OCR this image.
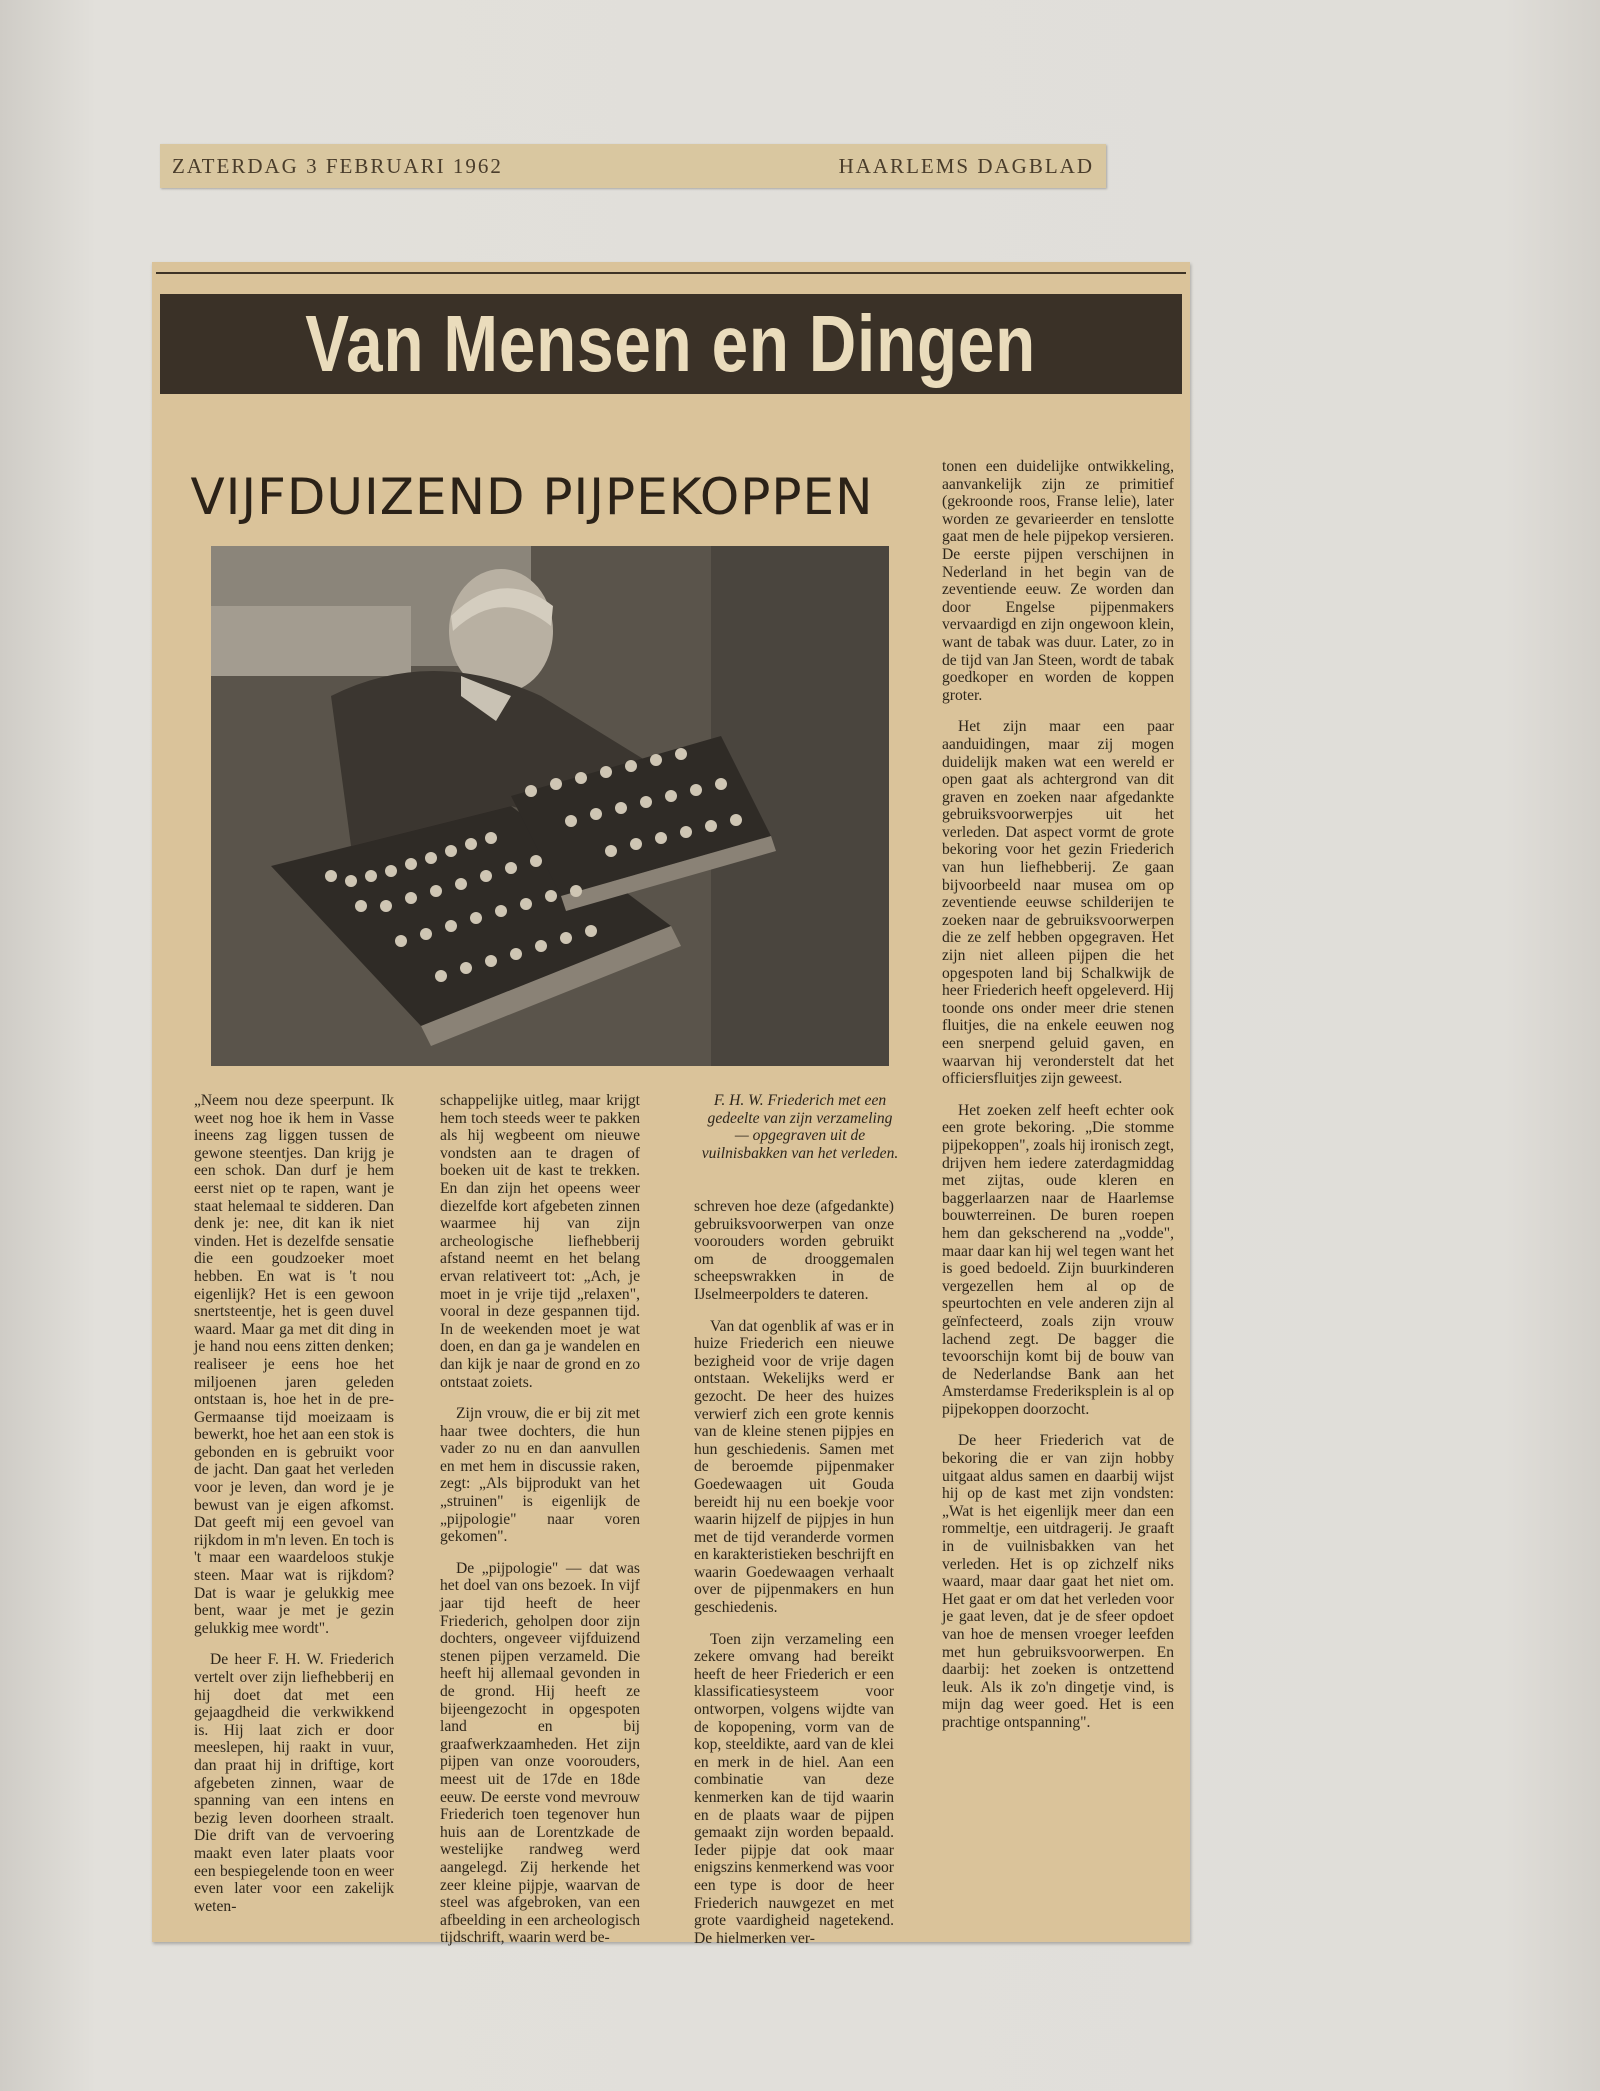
ZATERDAG 3 FEBRUARI 1962	HAARLEMS DAGBLAD
Van Mensen en Dingen
VIJFDUIZEND PIJPEKOPPEN
F. H. W. Friederich met een gedeelte van zijn verzameling — opgegraven uit de vuilnisbakken van het verleden.

„Neem nou deze speerpunt. Ik weet nog hoe ik hem in Vasse ineens zag liggen tussen de gewone steentjes. Dan krijg je een schok. Dan durf je hem eerst niet op te rapen, want je staat helemaal te sidderen. Dan denk je: nee, dit kan ik niet vinden. Het is dezelfde sensatie die een goudzoeker moet hebben. En wat is 't nou eigenlijk? Het is een gewoon snertsteentje, het is geen duvel waard. Maar ga met dit ding in je hand nou eens zitten denken; realiseer je eens hoe het miljoenen jaren geleden ontstaan is, hoe het in de pre-Germaanse tijd moeizaam is bewerkt, hoe het aan een stok is gebonden en is gebruikt voor de jacht. Dan gaat het verleden voor je leven, dan word je je bewust van je eigen afkomst. Dat geeft mij een gevoel van rijkdom in m'n leven. En toch is 't maar een waardeloos stukje steen. Maar wat is rijkdom? Dat is waar je gelukkig mee bent, waar je met je gezin gelukkig mee wordt".

De heer F. H. W. Friederich vertelt over zijn liefhebberij en hij doet dat met een gejaagdheid die verkwikkend is. Hij laat zich er door meeslepen, hij raakt in vuur, dan praat hij in driftige, kort afgebeten zinnen, waar de spanning van een intens en bezig leven doorheen straalt. Die drift van de vervoering maakt even later plaats voor een bespiegelende toon en weer even later voor een zakelijk weten-

schappelijke uitleg, maar krijgt hem toch steeds weer te pakken als hij wegbeent om nieuwe vondsten aan te dragen of boeken uit de kast te trekken. En dan zijn het opeens weer diezelfde kort afgebeten zinnen waarmee hij van zijn archeologische liefhebberij afstand neemt en het belang ervan relativeert tot: „Ach, je moet in je vrije tijd „relaxen", vooral in deze gespannen tijd. In de weekenden moet je wat doen, en dan ga je wandelen en dan kijk je naar de grond en zo ontstaat zoiets.

Zijn vrouw, die er bij zit met haar twee dochters, die hun vader zo nu en dan aanvullen en met hem in discussie raken, zegt: „Als bijprodukt van het „struinen" is eigenlijk de „pijpologie" naar voren gekomen".

De „pijpologie" — dat was het doel van ons bezoek. In vijf jaar tijd heeft de heer Friederich, geholpen door zijn dochters, ongeveer vijfduizend stenen pijpen verzameld. Die heeft hij allemaal gevonden in de grond. Hij heeft ze bijeengezocht in opgespoten land en bij graafwerkzaamheden. Het zijn pijpen van onze voorouders, meest uit de 17de en 18de eeuw. De eerste vond mevrouw Friederich toen tegenover hun huis aan de Lorentzkade de westelijke randweg werd aangelegd. Zij herkende het zeer kleine pijpje, waarvan de steel was afgebroken, van een afbeelding in een archeologisch tijdschrift, waarin werd be-

schreven hoe deze (afgedankte) gebruiksvoorwerpen van onze voorouders worden gebruikt om de drooggemalen scheepswrakken in de IJselmeerpolders te dateren.

Van dat ogenblik af was er in huize Friederich een nieuwe bezigheid voor de vrije dagen ontstaan. Wekelijks werd er gezocht. De heer des huizes verwierf zich een grote kennis van de kleine stenen pijpjes en hun geschiedenis. Samen met de beroemde pijpenmaker Goedewaagen uit Gouda bereidt hij nu een boekje voor waarin hijzelf de pijpjes in hun met de tijd veranderde vormen en karakteristieken beschrijft en waarin Goedewaagen verhaalt over de pijpenmakers en hun geschiedenis.

Toen zijn verzameling een zekere omvang had bereikt heeft de heer Friederich er een klassificatiesysteem voor ontworpen, volgens wijdte van de kopopening, vorm van de kop, steeldikte, aard van de klei en merk in de hiel. Aan een combinatie van deze kenmerken kan de tijd waarin en de plaats waar de pijpen gemaakt zijn worden bepaald. Ieder pijpje dat ook maar enigszins kenmerkend was voor een type is door de heer Friederich nauwgezet en met grote vaardigheid nagetekend. De hielmerken ver-

tonen een duidelijke ontwikkeling, aanvankelijk zijn ze primitief (gekroonde roos, Franse lelie), later worden ze gevarieerder en tenslotte gaat men de hele pijpekop versieren. De eerste pijpen verschijnen in Nederland in het begin van de zeventiende eeuw. Ze worden dan door Engelse pijpenmakers vervaardigd en zijn ongewoon klein, want de tabak was duur. Later, zo in de tijd van Jan Steen, wordt de tabak goedkoper en worden de koppen groter.

Het zijn maar een paar aanduidingen, maar zij mogen duidelijk maken wat een wereld er open gaat als achtergrond van dit graven en zoeken naar afgedankte gebruiksvoorwerpjes uit het verleden. Dat aspect vormt de grote bekoring voor het gezin Friederich van hun liefhebberij. Ze gaan bijvoorbeeld naar musea om op zeventiende eeuwse schilderijen te zoeken naar de gebruiksvoorwerpen die ze zelf hebben opgegraven. Het zijn niet alleen pijpen die het opgespoten land bij Schalkwijk de heer Friederich heeft opgeleverd. Hij toonde ons onder meer drie stenen fluitjes, die na enkele eeuwen nog een snerpend geluid gaven, en waarvan hij veronderstelt dat het officiersfluitjes zijn geweest.

Het zoeken zelf heeft echter ook een grote bekoring. „Die stomme pijpekoppen", zoals hij ironisch zegt, drijven hem iedere zaterdagmiddag met zijtas, oude kleren en baggerlaarzen naar de Haarlemse bouwterreinen. De buren roepen hem dan gekscherend na „vodde", maar daar kan hij wel tegen want het is goed bedoeld. Zijn buurkinderen vergezellen hem al op de speurtochten en vele anderen zijn al geïnfecteerd, zoals zijn vrouw lachend zegt. De bagger die tevoorschijn komt bij de bouw van de Nederlandse Bank aan het Amsterdamse Frederiksplein is al op pijpekoppen doorzocht.

De heer Friederich vat de bekoring die er van zijn hobby uitgaat aldus samen en daarbij wijst hij op de kast met zijn vondsten: „Wat is het eigenlijk meer dan een rommeltje, een uitdragerij. Je graaft in de vuilnisbakken van het verleden. Het is op zichzelf niks waard, maar daar gaat het niet om. Het gaat er om dat het verleden voor je gaat leven, dat je de sfeer opdoet van hoe de mensen vroeger leefden met hun gebruiksvoorwerpen. En daarbij: het zoeken is ontzettend leuk. Als ik zo'n dingetje vind, is mijn dag weer goed. Het is een prachtige ontspanning".
